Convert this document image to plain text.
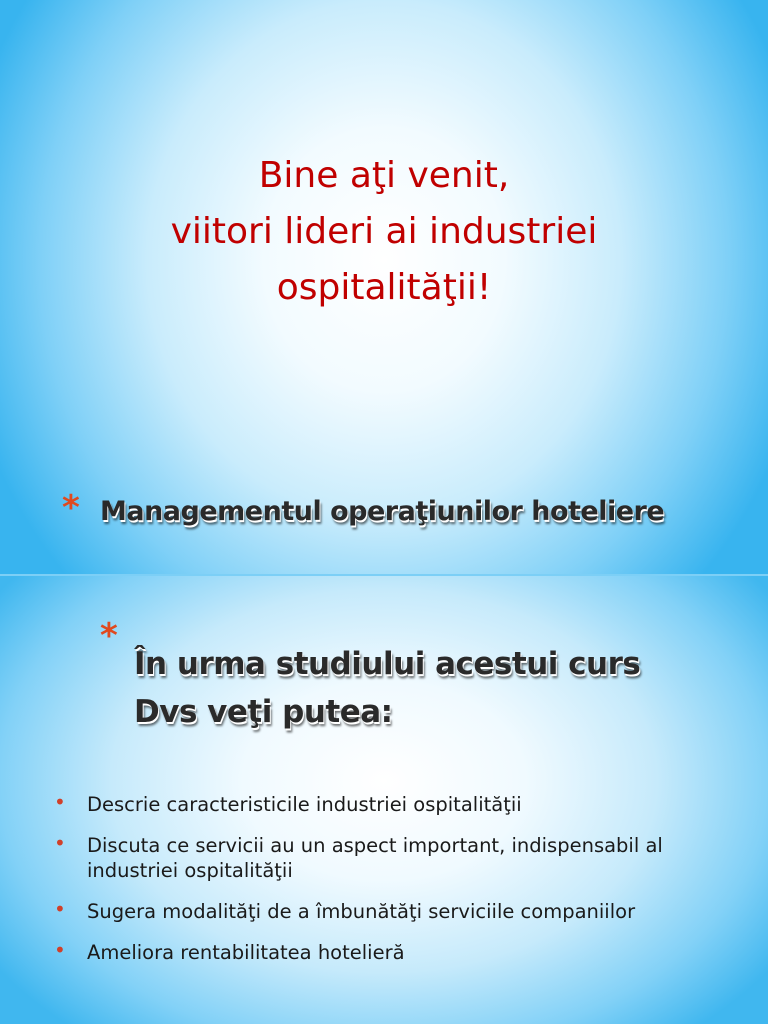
Bine aţi venit,
viitori lideri ai industriei
ospitalităţii!
* Managementul operaţiunilor hoteliere
*
În urma studiului acestui curs
Dvs veţi putea:
• Descrie caracteristicile industriei ospitalităţii
• Discuta ce servicii au un aspect important, indispensabil al industriei ospitalităţii
• Sugera modalităţi de a îmbunătăţi serviciile companiilor
• Ameliora rentabilitatea hotelieră
